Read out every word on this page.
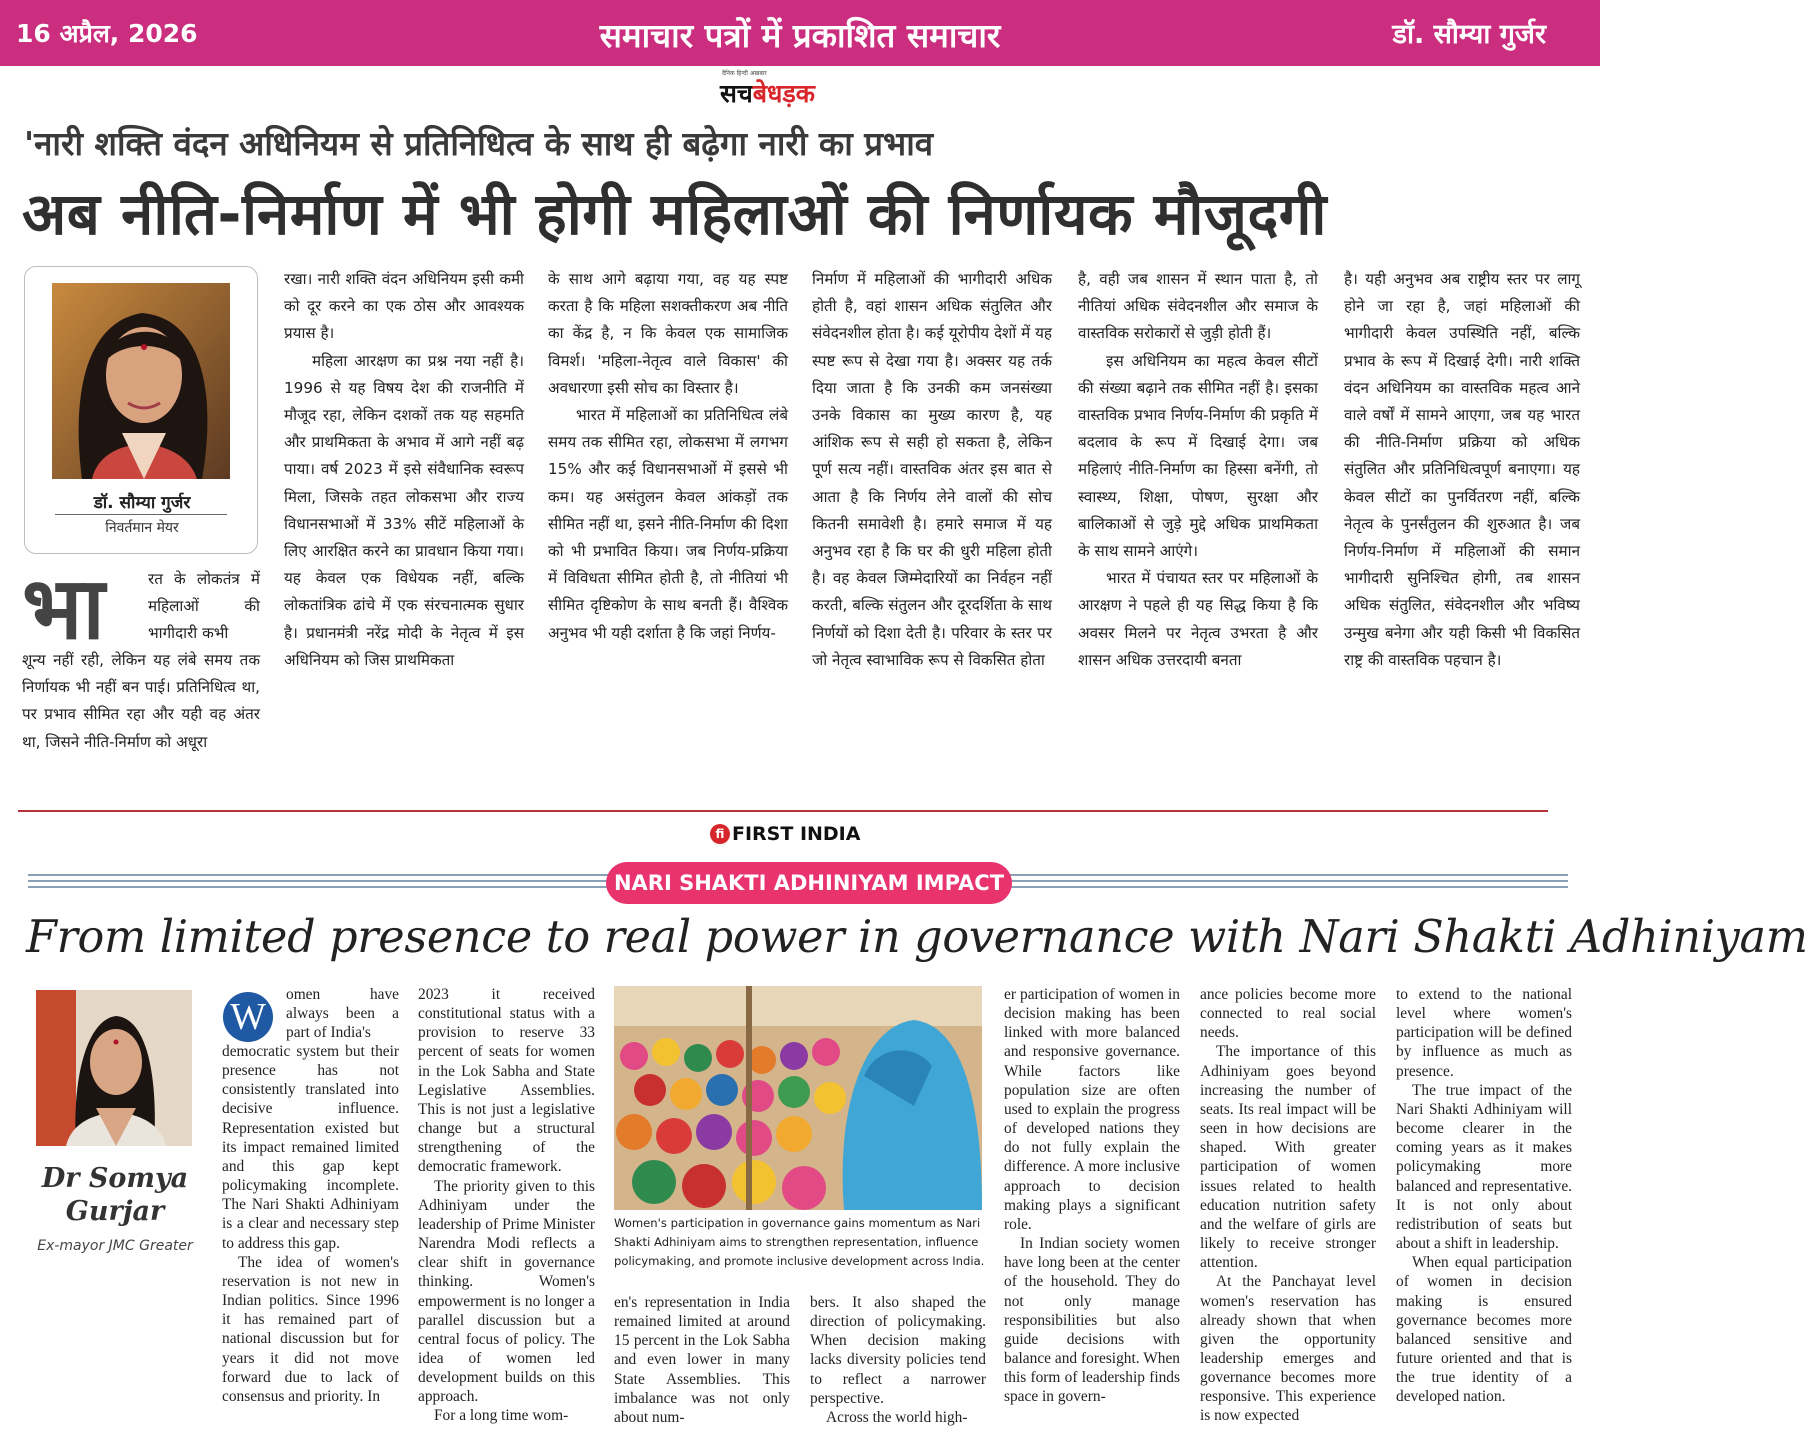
16 अप्रैल, 2026	समाचार पत्रों में प्रकाशित समाचार	डॉ. सौम्या गुर्जर
दैनिक हिन्दी अखबार
सचबेधड़क
'नारी शक्ति वंदन अधिनियम से प्रतिनिधित्व के साथ ही बढ़ेगा नारी का प्रभाव
अब नीति-निर्माण में भी होगी महिलाओं की निर्णायक मौजूदगी
डॉ. सौम्या गुर्जर
निवर्तमान मेयर
भा	रत के लोकतंत्र में महिलाओं की भागीदारी कभी
शून्य नहीं रही, लेकिन यह लंबे समय तक निर्णायक भी नहीं बन पाई। प्रतिनिधित्व था, पर प्रभाव सीमित रहा और यही वह अंतर था, जिसने नीति-निर्माण को अधूरा

रखा। नारी शक्ति वंदन अधिनियम इसी कमी को दूर करने का एक ठोस और आवश्यक प्रयास है।

महिला आरक्षण का प्रश्न नया नहीं है। 1996 से यह विषय देश की राजनीति में मौजूद रहा, लेकिन दशकों तक यह सहमति और प्राथमिकता के अभाव में आगे नहीं बढ़ पाया। वर्ष 2023 में इसे संवैधानिक स्वरूप मिला, जिसके तहत लोकसभा और राज्य विधानसभाओं में 33% सीटें महिलाओं के लिए आरक्षित करने का प्रावधान किया गया। यह केवल एक विधेयक नहीं, बल्कि लोकतांत्रिक ढांचे में एक संरचनात्मक सुधार है। प्रधानमंत्री नरेंद्र मोदी के नेतृत्व में इस अधिनियम को जिस प्राथमिकता

के साथ आगे बढ़ाया गया, वह यह स्पष्ट करता है कि महिला सशक्तीकरण अब नीति का केंद्र है, न कि केवल एक सामाजिक विमर्श। 'महिला-नेतृत्व वाले विकास' की अवधारणा इसी सोच का विस्तार है।

भारत में महिलाओं का प्रतिनिधित्व लंबे समय तक सीमित रहा, लोकसभा में लगभग 15% और कई विधानसभाओं में इससे भी कम। यह असंतुलन केवल आंकड़ों तक सीमित नहीं था, इसने नीति-निर्माण की दिशा को भी प्रभावित किया। जब निर्णय-प्रक्रिया में विविधता सीमित होती है, तो नीतियां भी सीमित दृष्टिकोण के साथ बनती हैं। वैश्विक अनुभव भी यही दर्शाता है कि जहां निर्णय-

निर्माण में महिलाओं की भागीदारी अधिक होती है, वहां शासन अधिक संतुलित और संवेदनशील होता है। कई यूरोपीय देशों में यह स्पष्ट रूप से देखा गया है। अक्सर यह तर्क दिया जाता है कि उनकी कम जनसंख्या उनके विकास का मुख्य कारण है, यह आंशिक रूप से सही हो सकता है, लेकिन पूर्ण सत्य नहीं। वास्तविक अंतर इस बात से आता है कि निर्णय लेने वालों की सोच कितनी समावेशी है। हमारे समाज में यह अनुभव रहा है कि घर की धुरी महिला होती है। वह केवल जिम्मेदारियों का निर्वहन नहीं करती, बल्कि संतुलन और दूरदर्शिता के साथ निर्णयों को दिशा देती है। परिवार के स्तर पर जो नेतृत्व स्वाभाविक रूप से विकसित होता

है, वही जब शासन में स्थान पाता है, तो नीतियां अधिक संवेदनशील और समाज के वास्तविक सरोकारों से जुड़ी होती हैं।

इस अधिनियम का महत्व केवल सीटों की संख्या बढ़ाने तक सीमित नहीं है। इसका वास्तविक प्रभाव निर्णय-निर्माण की प्रकृति में बदलाव के रूप में दिखाई देगा। जब महिलाएं नीति-निर्माण का हिस्सा बनेंगी, तो स्वास्थ्य, शिक्षा, पोषण, सुरक्षा और बालिकाओं से जुड़े मुद्दे अधिक प्राथमिकता के साथ सामने आएंगे।

भारत में पंचायत स्तर पर महिलाओं के आरक्षण ने पहले ही यह सिद्ध किया है कि अवसर मिलने पर नेतृत्व उभरता है और शासन अधिक उत्तरदायी बनता

है। यही अनुभव अब राष्ट्रीय स्तर पर लागू होने जा रहा है, जहां महिलाओं की भागीदारी केवल उपस्थिति नहीं, बल्कि प्रभाव के रूप में दिखाई देगी। नारी शक्ति वंदन अधिनियम का वास्तविक महत्व आने वाले वर्षों में सामने आएगा, जब यह भारत की नीति-निर्माण प्रक्रिया को अधिक संतुलित और प्रतिनिधित्वपूर्ण बनाएगा। यह केवल सीटों का पुनर्वितरण नहीं, बल्कि नेतृत्व के पुनर्संतुलन की शुरुआत है। जब निर्णय-निर्माण में महिलाओं की समान भागीदारी सुनिश्चित होगी, तब शासन अधिक संतुलित, संवेदनशील और भविष्य उन्मुख बनेगा और यही किसी भी विकसित राष्ट्र की वास्तविक पहचान है।

fi FIRST INDIA
NARI SHAKTI ADHINIYAM IMPACT
From limited presence to real power in governance with Nari Shakti Adhiniyam
Dr Somya Gurjar
Ex-mayor JMC Greater
W

omen have always been a part of India's

democratic system but their presence has not consistently translated into decisive influence. Representation existed but its impact remained limited and this gap kept policymaking incomplete. The Nari Shakti Adhiniyam is a clear and necessary step to address this gap.

The idea of women's reservation is not new in Indian politics. Since 1996 it has remained part of national discussion but for years it did not move forward due to lack of consensus and priority. In

2023 it received constitutional status with a provision to reserve 33 percent of seats for women in the Lok Sabha and State Legislative Assemblies. This is not just a legislative change but a structural strengthening of the democratic framework.

The priority given to this Adhiniyam under the leadership of Prime Minister Narendra Modi reflects a clear shift in governance thinking. Women's empowerment is no longer a parallel discussion but a central focus of policy. The idea of women led development builds on this approach.

For a long time wom-

Women's participation in governance gains momentum as Nari Shakti Adhiniyam aims to strengthen representation, influence policymaking, and promote inclusive development across India.

en's representation in India remained limited at around 15 percent in the Lok Sabha and even lower in many State Assemblies. This imbalance was not only about num-

bers. It also shaped the direction of policymaking. When decision making lacks diversity policies tend to reflect a narrower perspective.

Across the world high-

er participation of women in decision making has been linked with more balanced and responsive governance. While factors like population size are often used to explain the progress of developed nations they do not fully explain the difference. A more inclusive approach to decision making plays a significant role.

In Indian society women have long been at the center of the household. They do not only manage responsibilities but also guide decisions with balance and foresight. When this form of leadership finds space in govern-

ance policies become more connected to real social needs.

The importance of this Adhiniyam goes beyond increasing the number of seats. Its real impact will be seen in how decisions are shaped. With greater participation of women issues related to health education nutrition safety and the welfare of girls are likely to receive stronger attention.

At the Panchayat level women's reservation has already shown that when given the opportunity leadership emerges and governance becomes more responsive. This experience is now expected

to extend to the national level where women's participation will be defined by influence as much as presence.

The true impact of the Nari Shakti Adhiniyam will become clearer in the coming years as it makes policymaking more balanced and representative. It is not only about redistribution of seats but about a shift in leadership.

When equal participation of women in decision making is ensured governance becomes more balanced sensitive and future oriented and that is the true identity of a developed nation.
